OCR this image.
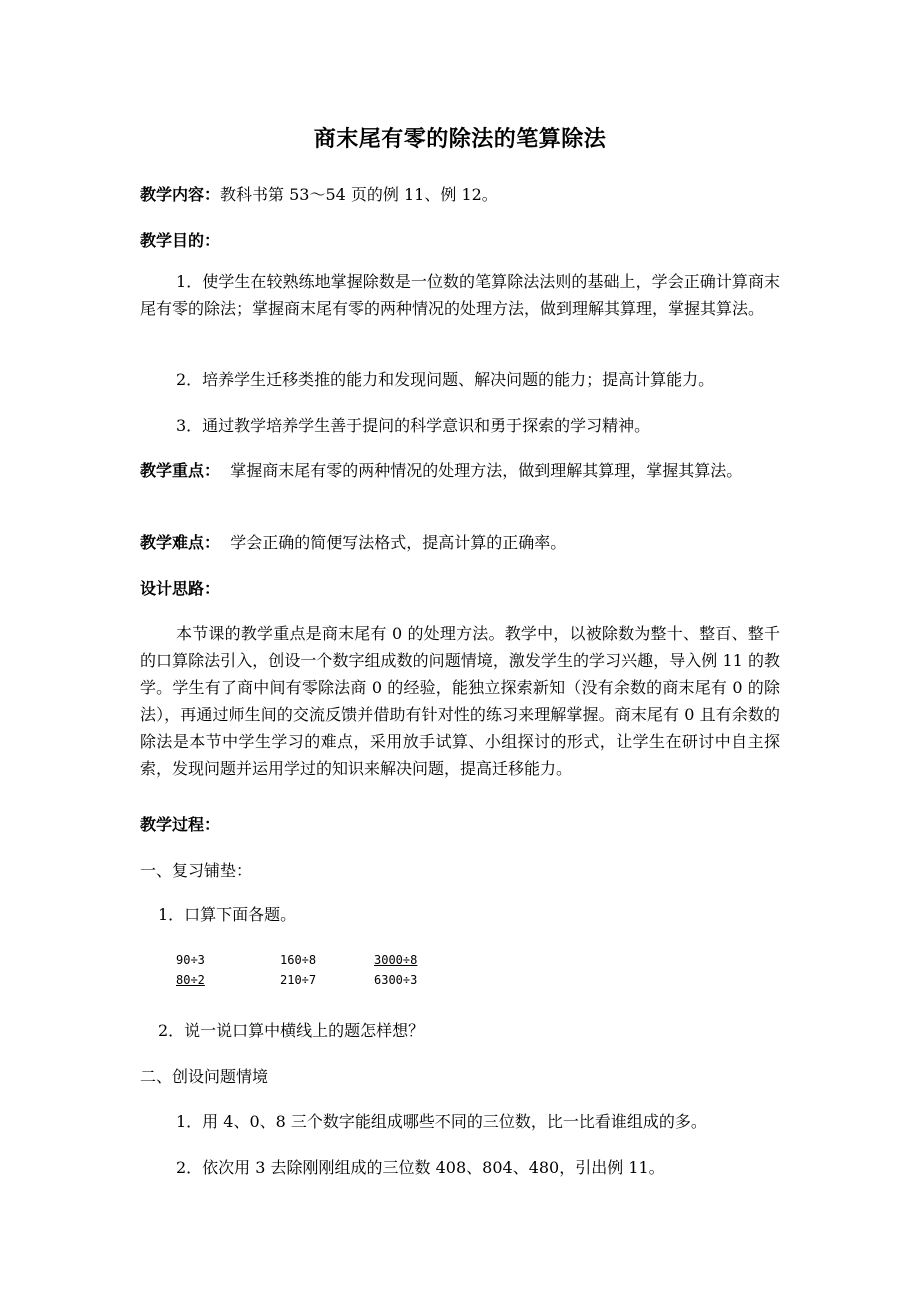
商末尾有零的除法的笔算除法
教学内容：教科书第 53～54 页的例 11、例 12。
教学目的：
1．使学生在较熟练地掌握除数是一位数的笔算除法法则的基础上，学会正确计算商末尾有零的除法；掌握商末尾有零的两种情况的处理方法，做到理解其算理，掌握其算法。
2．培养学生迁移类推的能力和发现问题、解决问题的能力；提高计算能力。
3．通过教学培养学生善于提问的科学意识和勇于探索的学习精神。
教学重点： 掌握商末尾有零的两种情况的处理方法，做到理解其算理，掌握其算法。
教学难点： 学会正确的简便写法格式，提高计算的正确率。
设计思路：
本节课的教学重点是商末尾有 0 的处理方法。教学中，以被除数为整十、整百、整千的口算除法引入，创设一个数字组成数的问题情境，激发学生的学习兴趣，导入例 11 的教学。学生有了商中间有零除法商 0 的经验，能独立探索新知（没有余数的商末尾有 0 的除法），再通过师生间的交流反馈并借助有针对性的练习来理解掌握。商末尾有 0 且有余数的除法是本节中学生学习的难点，采用放手试算、小组探讨的形式，让学生在研讨中自主探索，发现问题并运用学过的知识来解决问题，提高迁移能力。
教学过程：
一、复习铺垫：
1．口算下面各题。
90÷3	160÷8	3000÷8
80÷2	210÷7	6300÷3
2．说一说口算中横线上的题怎样想？
二、创设问题情境
1．用 4、0、8 三个数字能组成哪些不同的三位数，比一比看谁组成的多。
2．依次用 3 去除刚刚组成的三位数 408、804、480，引出例 11。
